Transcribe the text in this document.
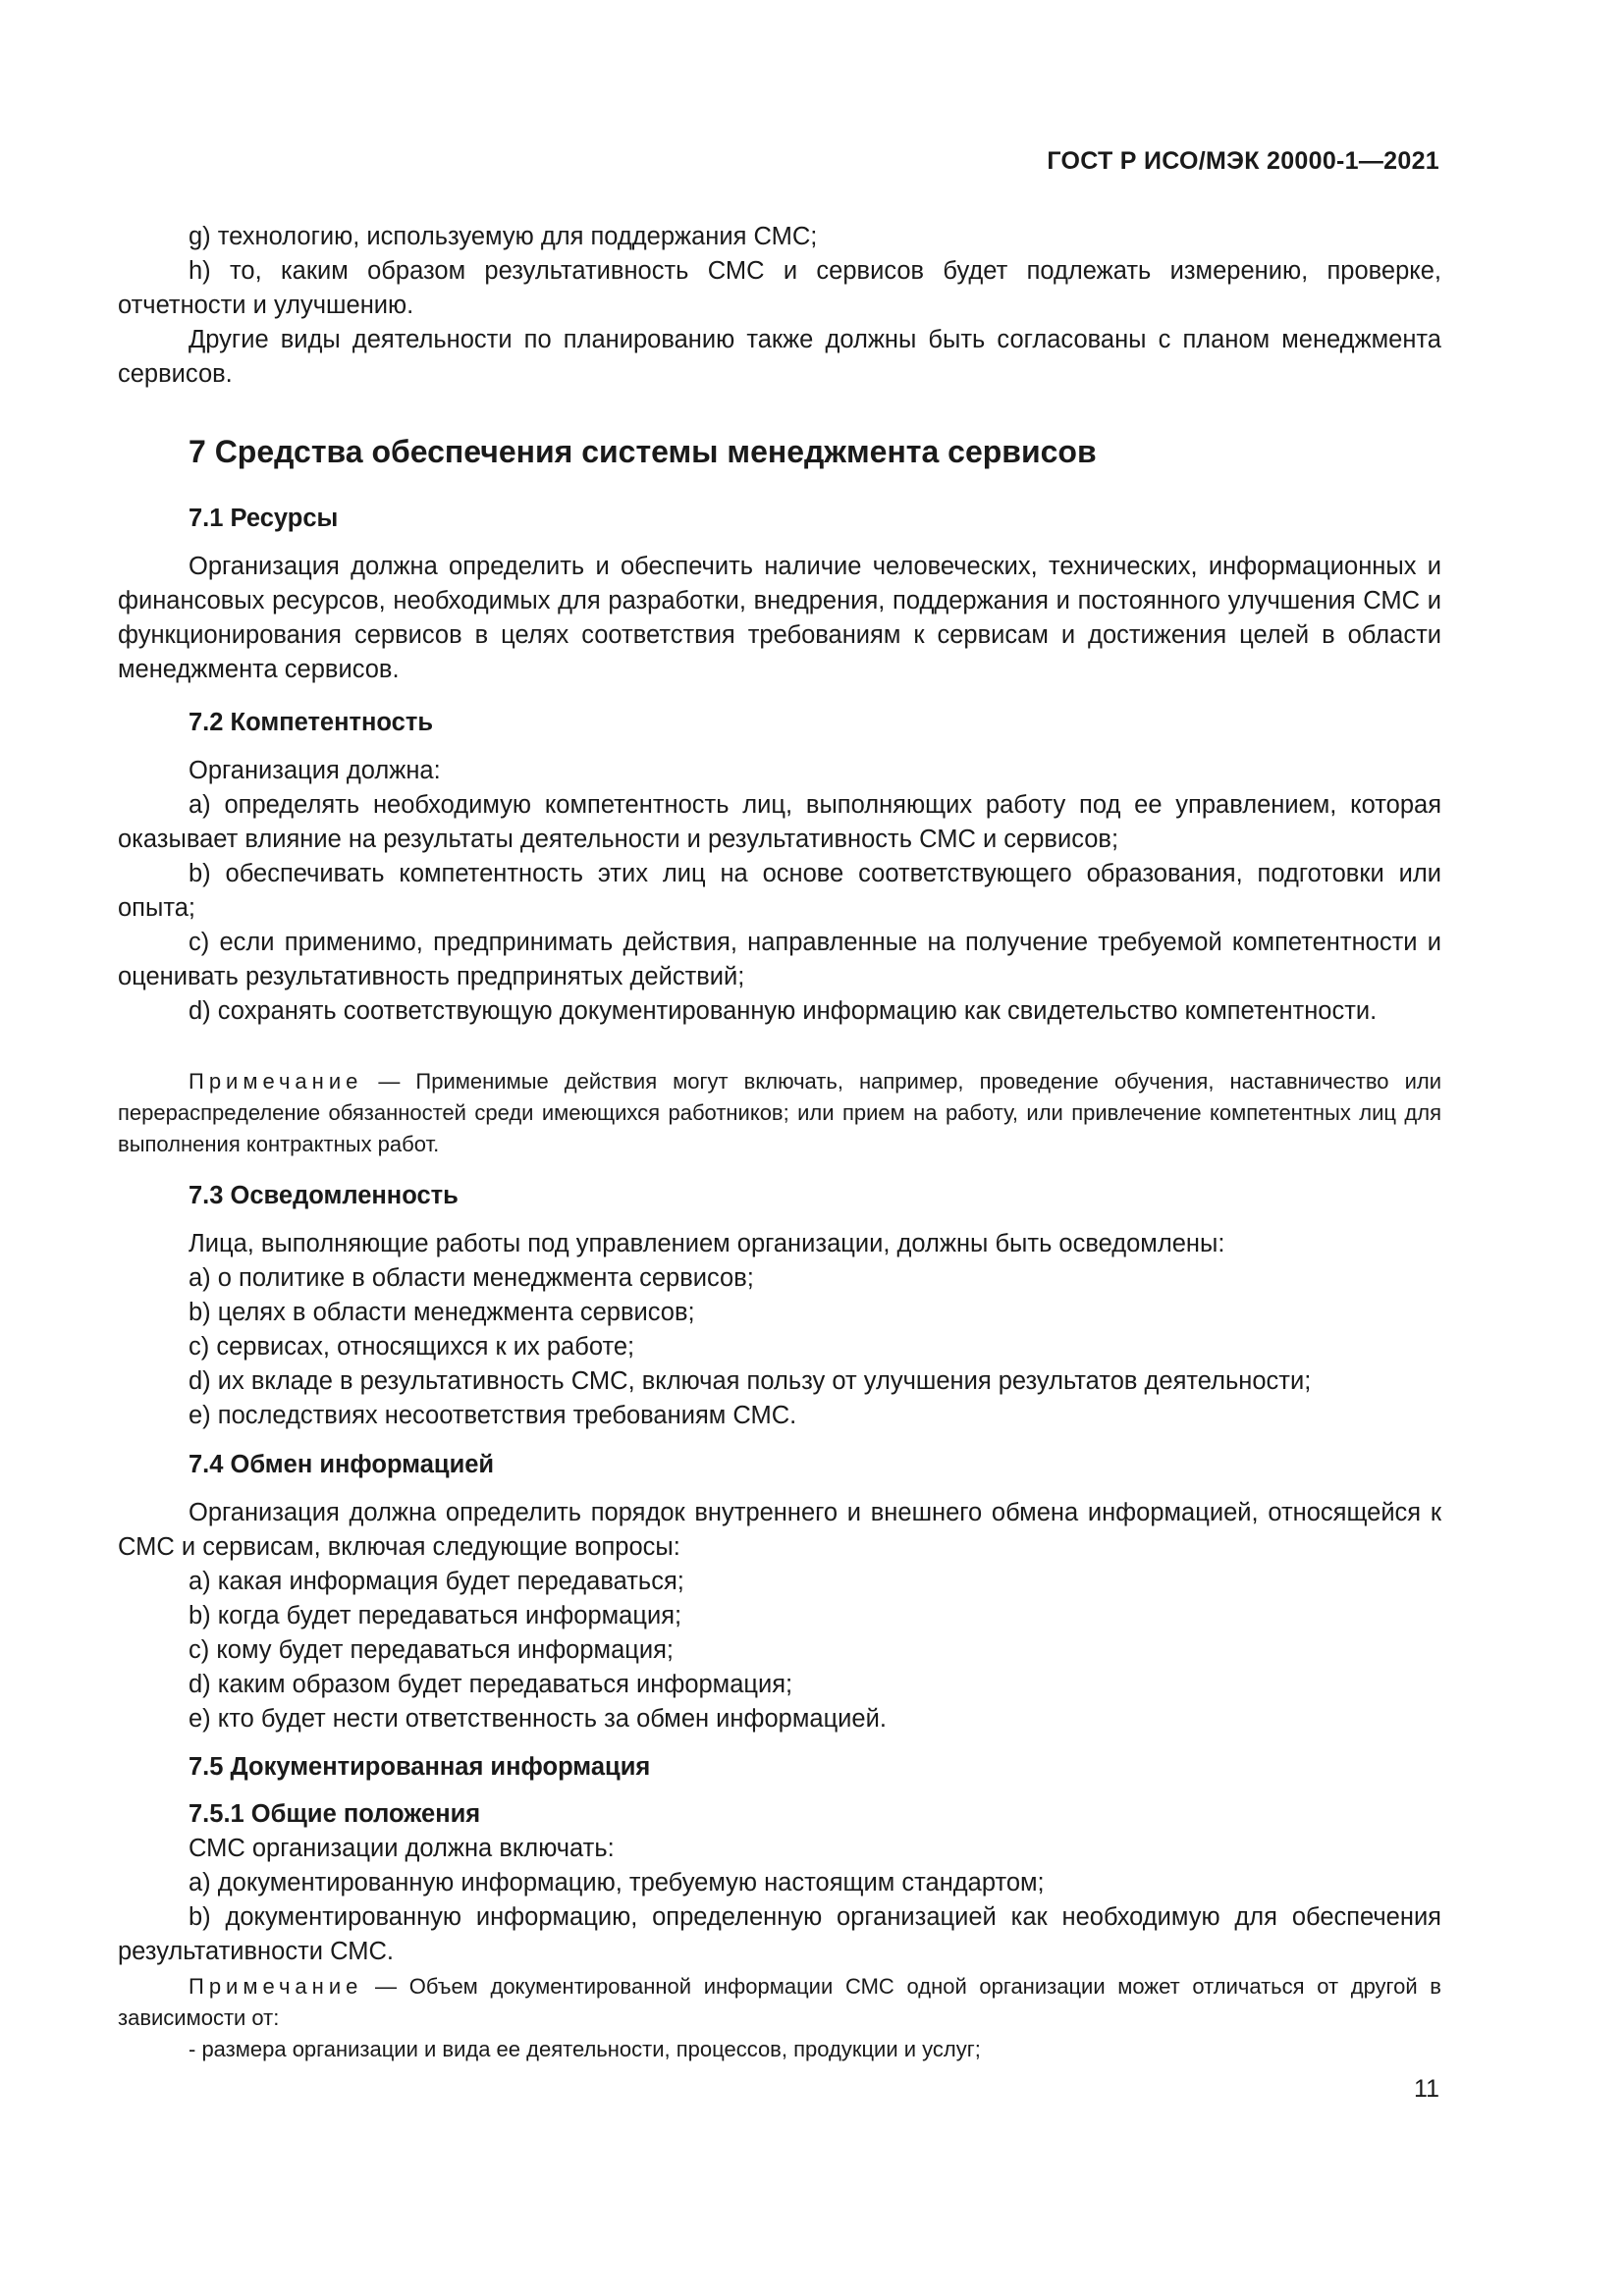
ГОСТ Р ИСО/МЭК 20000-1—2021

g) технологию, используемую для поддержания СМС;

h) то, каким образом результативность СМС и сервисов будет подлежать измерению, проверке, отчетности и улучшению.

Другие виды деятельности по планированию также должны быть согласованы с планом менеджмента сервисов.

7 Средства обеспечения системы менеджмента сервисов
7.1 Ресурсы

Организация должна определить и обеспечить наличие человеческих, технических, информационных и финансовых ресурсов, необходимых для разработки, внедрения, поддержания и постоянного улучшения СМС и функционирования сервисов в целях соответствия требованиям к сервисам и достижения целей в области менеджмента сервисов.

7.2 Компетентность

Организация должна:

a) определять необходимую компетентность лиц, выполняющих работу под ее управлением, которая оказывает влияние на результаты деятельности и результативность СМС и сервисов;

b) обеспечивать компетентность этих лиц на основе соответствующего образования, подготовки или опыта;

c) если применимо, предпринимать действия, направленные на получение требуемой компетентности и оценивать результативность предпринятых действий;

d) сохранять соответствующую документированную информацию как свидетельство компетентности.

Примечание — Применимые действия могут включать, например, проведение обучения, наставничество или перераспределение обязанностей среди имеющихся работников; или прием на работу, или привлечение компетентных лиц для выполнения контрактных работ.

7.3 Осведомленность

Лица, выполняющие работы под управлением организации, должны быть осведомлены:

a) о политике в области менеджмента сервисов;

b) целях в области менеджмента сервисов;

c) сервисах, относящихся к их работе;

d) их вкладе в результативность СМС, включая пользу от улучшения результатов деятельности;

e) последствиях несоответствия требованиям СМС.

7.4 Обмен информацией

Организация должна определить порядок внутреннего и внешнего обмена информацией, относящейся к СМС и сервисам, включая следующие вопросы:

a) какая информация будет передаваться;

b) когда будет передаваться информация;

c) кому будет передаваться информация;

d) каким образом будет передаваться информация;

e) кто будет нести ответственность за обмен информацией.

7.5 Документированная информация
7.5.1 Общие положения

СМС организации должна включать:

a) документированную информацию, требуемую настоящим стандартом;

b) документированную информацию, определенную организацией как необходимую для обеспечения результативности СМС.

Примечание — Объем документированной информации СМС одной организации может отличаться от другой в зависимости от:

- размера организации и вида ее деятельности, процессов, продукции и услуг;

11
